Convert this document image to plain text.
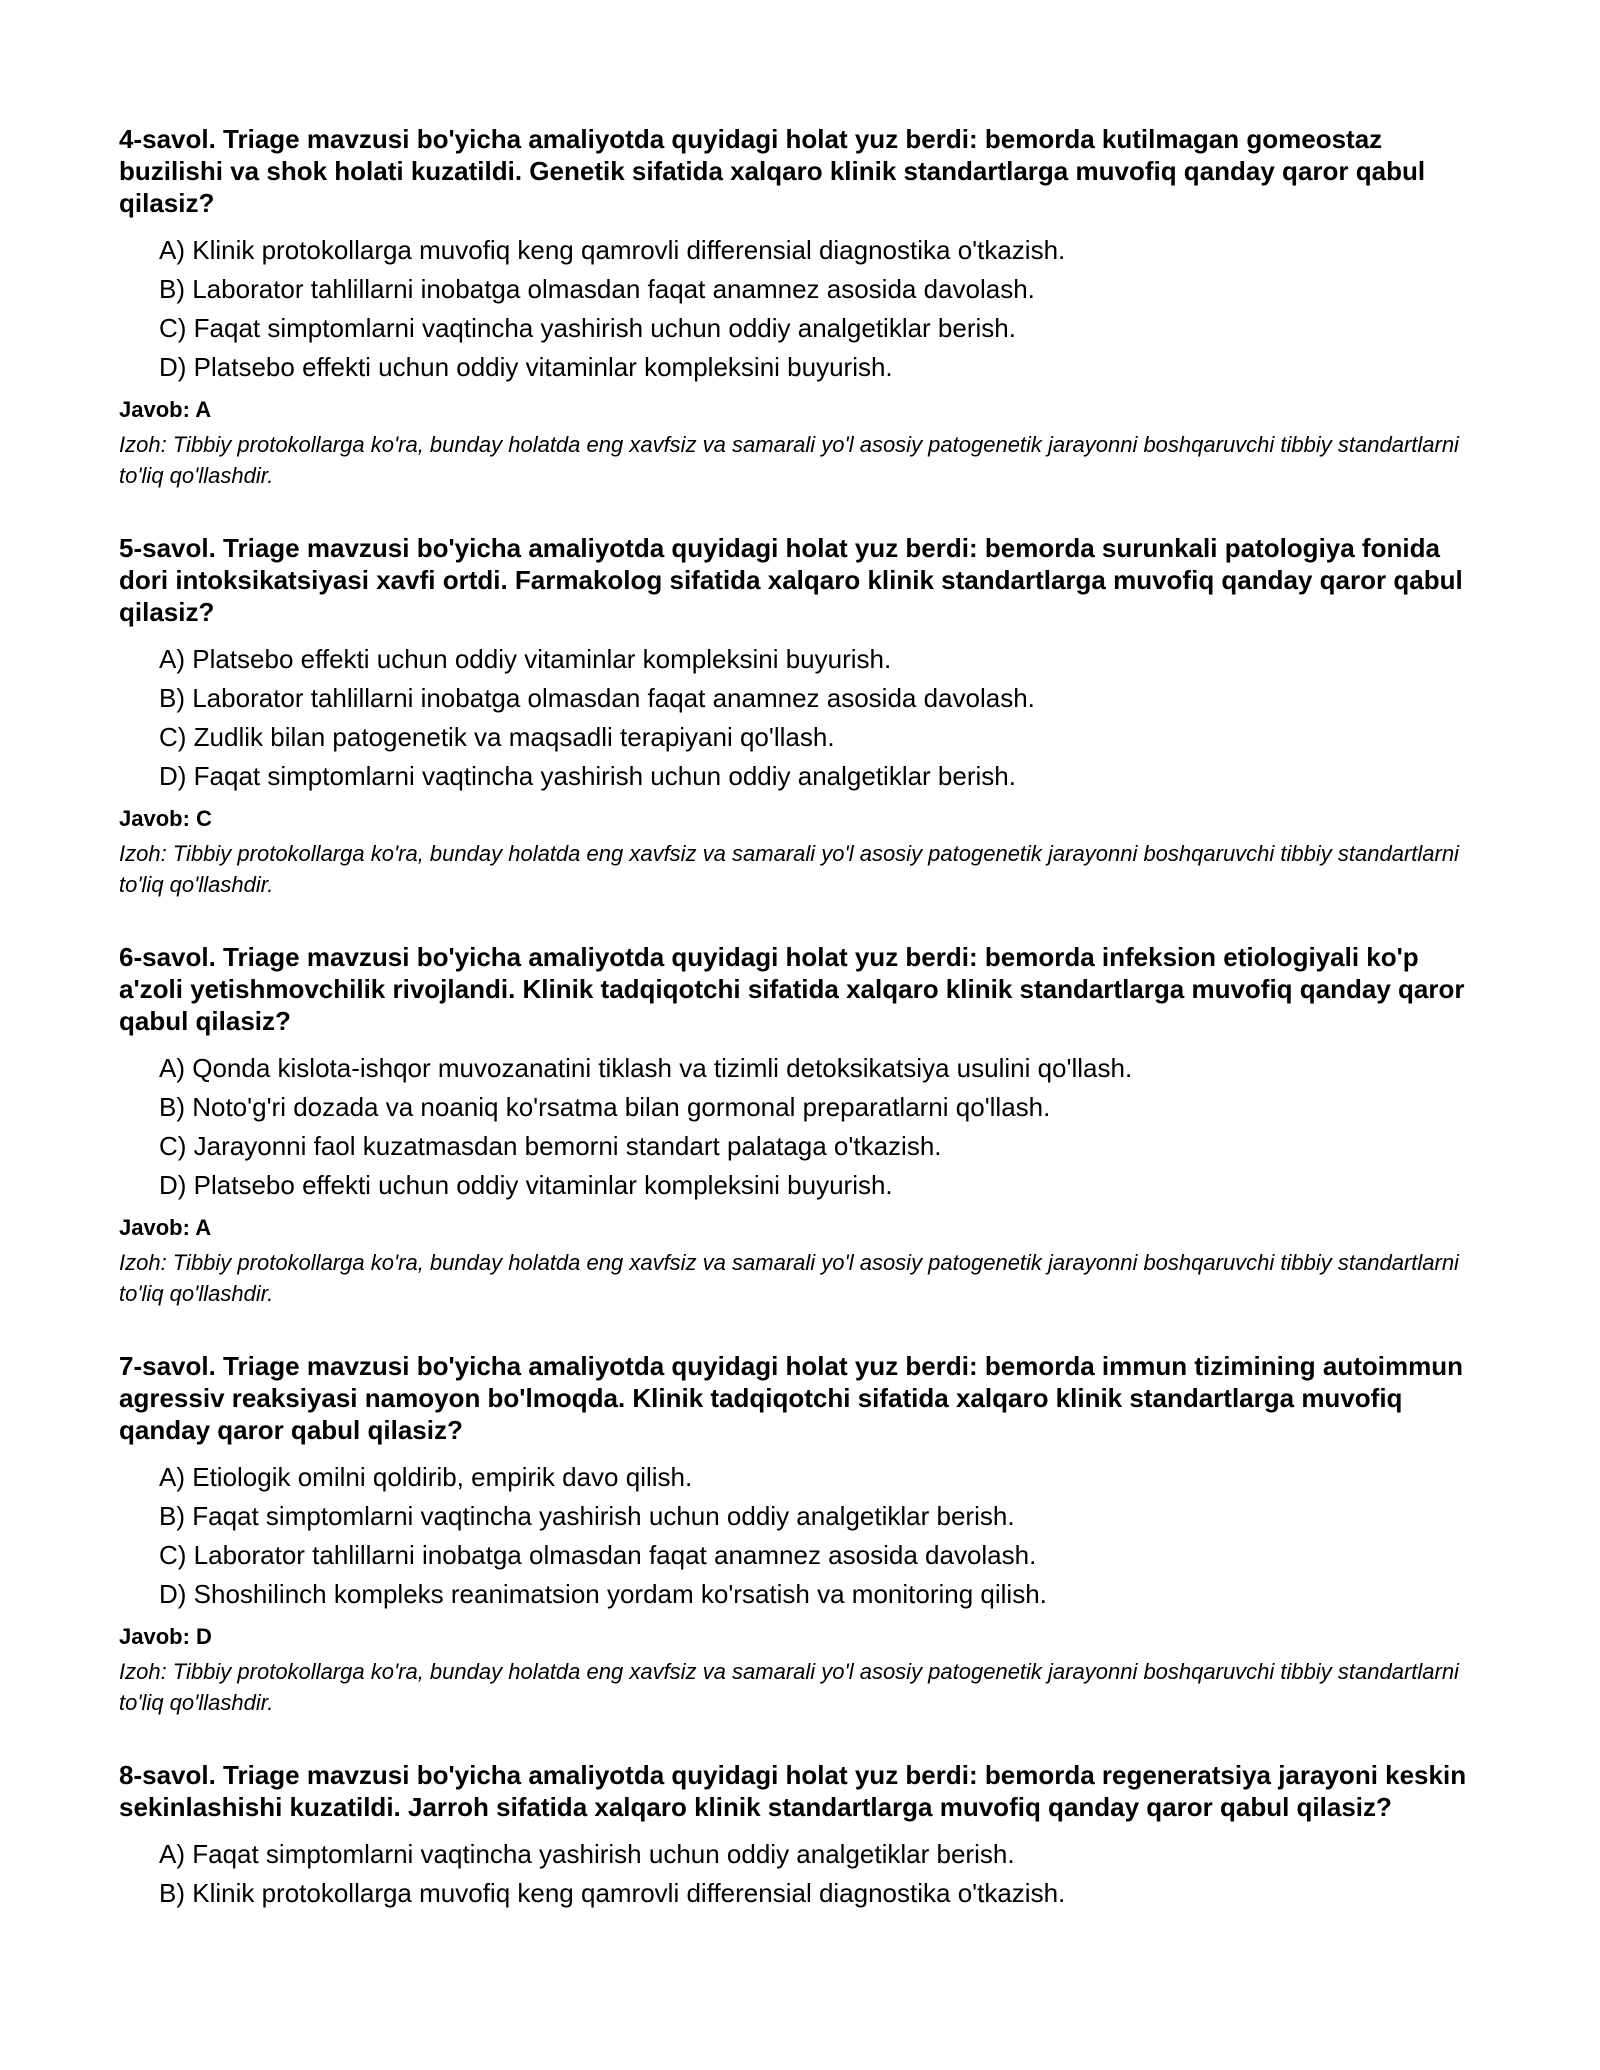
4-savol. Triage mavzusi bo'yicha amaliyotda quyidagi holat yuz berdi: bemorda kutilmagan gomeostaz buzilishi va shok holati kuzatildi. Genetik sifatida xalqaro klinik standartlarga muvofiq qanday qaror qabul qilasiz?

A) Klinik protokollarga muvofiq keng qamrovli differensial diagnostika o'tkazish.
B) Laborator tahlillarni inobatga olmasdan faqat anamnez asosida davolash.
C) Faqat simptomlarni vaqtincha yashirish uchun oddiy analgetiklar berish.
D) Platsebo effekti uchun oddiy vitaminlar kompleksini buyurish.
Javob: A
Izoh: Tibbiy protokollarga ko'ra, bunday holatda eng xavfsiz va samarali yo'l asosiy patogenetik jarayonni boshqaruvchi tibbiy standartlarni to'liq qo'llashdir.

5-savol. Triage mavzusi bo'yicha amaliyotda quyidagi holat yuz berdi: bemorda surunkali patologiya fonida dori intoksikatsiyasi xavfi ortdi. Farmakolog sifatida xalqaro klinik standartlarga muvofiq qanday qaror qabul qilasiz?

A) Platsebo effekti uchun oddiy vitaminlar kompleksini buyurish.
B) Laborator tahlillarni inobatga olmasdan faqat anamnez asosida davolash.
C) Zudlik bilan patogenetik va maqsadli terapiyani qo'llash.
D) Faqat simptomlarni vaqtincha yashirish uchun oddiy analgetiklar berish.
Javob: C
Izoh: Tibbiy protokollarga ko'ra, bunday holatda eng xavfsiz va samarali yo'l asosiy patogenetik jarayonni boshqaruvchi tibbiy standartlarni to'liq qo'llashdir.

6-savol. Triage mavzusi bo'yicha amaliyotda quyidagi holat yuz berdi: bemorda infeksion etiologiyali ko'p a'zoli yetishmovchilik rivojlandi. Klinik tadqiqotchi sifatida xalqaro klinik standartlarga muvofiq qanday qaror qabul qilasiz?

A) Qonda kislota-ishqor muvozanatini tiklash va tizimli detoksikatsiya usulini qo'llash.
B) Noto'g'ri dozada va noaniq ko'rsatma bilan gormonal preparatlarni qo'llash.
C) Jarayonni faol kuzatmasdan bemorni standart palataga o'tkazish.
D) Platsebo effekti uchun oddiy vitaminlar kompleksini buyurish.
Javob: A
Izoh: Tibbiy protokollarga ko'ra, bunday holatda eng xavfsiz va samarali yo'l asosiy patogenetik jarayonni boshqaruvchi tibbiy standartlarni to'liq qo'llashdir.

7-savol. Triage mavzusi bo'yicha amaliyotda quyidagi holat yuz berdi: bemorda immun tizimining autoimmun agressiv reaksiyasi namoyon bo'lmoqda. Klinik tadqiqotchi sifatida xalqaro klinik standartlarga muvofiq qanday qaror qabul qilasiz?

A) Etiologik omilni qoldirib, empirik davo qilish.
B) Faqat simptomlarni vaqtincha yashirish uchun oddiy analgetiklar berish.
C) Laborator tahlillarni inobatga olmasdan faqat anamnez asosida davolash.
D) Shoshilinch kompleks reanimatsion yordam ko'rsatish va monitoring qilish.
Javob: D
Izoh: Tibbiy protokollarga ko'ra, bunday holatda eng xavfsiz va samarali yo'l asosiy patogenetik jarayonni boshqaruvchi tibbiy standartlarni to'liq qo'llashdir.

8-savol. Triage mavzusi bo'yicha amaliyotda quyidagi holat yuz berdi: bemorda regeneratsiya jarayoni keskin sekinlashishi kuzatildi. Jarroh sifatida xalqaro klinik standartlarga muvofiq qanday qaror qabul qilasiz?

A) Faqat simptomlarni vaqtincha yashirish uchun oddiy analgetiklar berish.
B) Klinik protokollarga muvofiq keng qamrovli differensial diagnostika o'tkazish.
